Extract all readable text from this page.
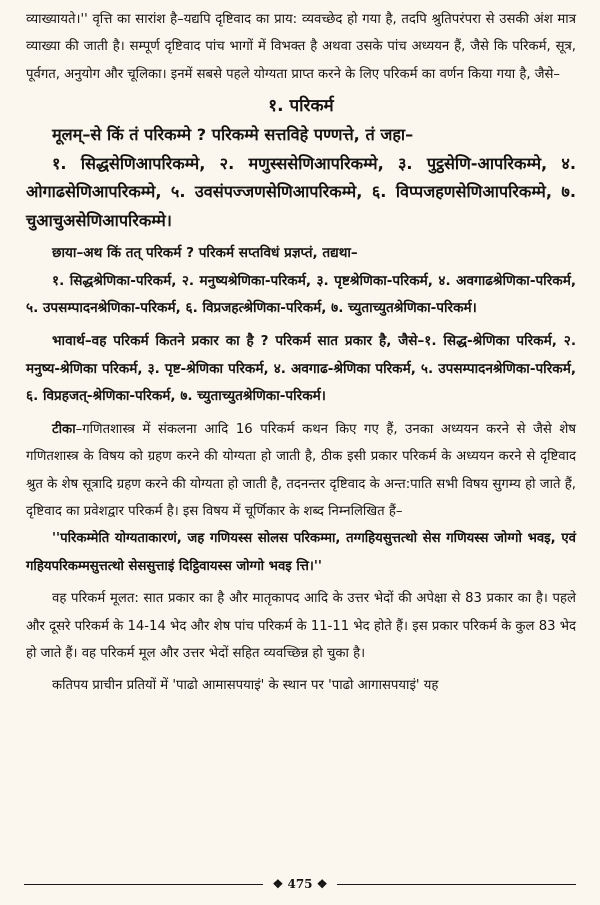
व्याख्यायते।'' वृत्ति का सारांश है–यद्यपि दृष्टिवाद का प्राय: व्यवच्छेद हो गया है, तदपि श्रुतिपरंपरा से उसकी अंश मात्र व्याख्या की जाती है। सम्पूर्ण दृष्टिवाद पांच भागों में विभक्त है अथवा उसके पांच अध्ययन हैं, जैसे कि परिकर्म, सूत्र, पूर्वगत, अनुयोग और चूलिका। इनमें सबसे पहले योग्यता प्राप्त करने के लिए परिकर्म का वर्णन किया गया है, जैसे–

१. परिकर्म

मूलम्–से किं तं परिकम्मे ? परिकम्मे सत्तविहे पण्णत्ते, तं जहा–

१. सिद्धसेणिआपरिकम्मे, २. मणुस्ससेणिआपरिकम्मे, ३. पुट्ठसेणि-आपरिकम्मे, ४. ओगाढसेणिआपरिकम्मे, ५. उवसंपज्जणसेणिआपरिकम्मे, ६. विप्पजहणसेणिआपरिकम्मे, ७. चुआचुअसेणिआपरिकम्मे।

छाया–अथ किं तत् परिकर्म ? परिकर्म सप्तविधं प्रज्ञप्तं, तद्यथा–

१. सिद्धश्रेणिका-परिकर्म, २. मनुष्यश्रेणिका-परिकर्म, ३. पृष्टश्रेणिका-परिकर्म, ४. अवगाढश्रेणिका-परिकर्म, ५. उपसम्पादनश्रेणिका-परिकर्म, ६. विप्रजहत्श्रेणिका-परिकर्म, ७. च्युताच्युतश्रेणिका-परिकर्म।

भावार्थ–वह परिकर्म कितने प्रकार का है ? परिकर्म सात प्रकार है, जैसे–१. सिद्ध-श्रेणिका परिकर्म, २. मनुष्य-श्रेणिका परिकर्म, ३. पृष्ट-श्रेणिका परिकर्म, ४. अवगाढ-श्रेणिका परिकर्म, ५. उपसम्पादनश्रेणिका-परिकर्म, ६. विप्रहजत्-श्रेणिका-परिकर्म, ७. च्युताच्युतश्रेणिका-परिकर्म।

टीका–गणितशास्त्र में संकलना आदि 16 परिकर्म कथन किए गए हैं, उनका अध्ययन करने से जैसे शेष गणितशास्त्र के विषय को ग्रहण करने की योग्यता हो जाती है, ठीक इसी प्रकार परिकर्म के अध्ययन करने से दृष्टिवाद श्रुत के शेष सूत्रादि ग्रहण करने की योग्यता हो जाती है, तदनन्तर दृष्टिवाद के अन्त:पाति सभी विषय सुगम्य हो जाते हैं, दृष्टिवाद का प्रवेशद्वार परिकर्म है। इस विषय में चूर्णिकार के शब्द निम्नलिखित हैं–

''परिकम्मेति योग्यताकारणं, जह गणियस्स सोलस परिकम्मा, तग्गहियसुत्तत्थो सेस गणियस्स जोग्गो भवइ, एवं गहियपरिकम्मसुत्तत्थो सेससुत्ताइं दिट्ठिवायस्स जोग्गो भवइ त्ति।''

वह परिकर्म मूलत: सात प्रकार का है और मातृकापद आदि के उत्तर भेदों की अपेक्षा से 83 प्रकार का है। पहले और दूसरे परिकर्म के 14-14 भेद और शेष पांच परिकर्म के 11-11 भेद होते हैं। इस प्रकार परिकर्म के कुल 83 भेद हो जाते हैं। वह परिकर्म मूल और उत्तर भेदों सहित व्यवच्छिन्न हो चुका है।

कतिपय प्राचीन प्रतियों में 'पाढो आमासपयाइं' के स्थान पर 'पाढो आगासपयाइं' यह

❖ 475 ❖
